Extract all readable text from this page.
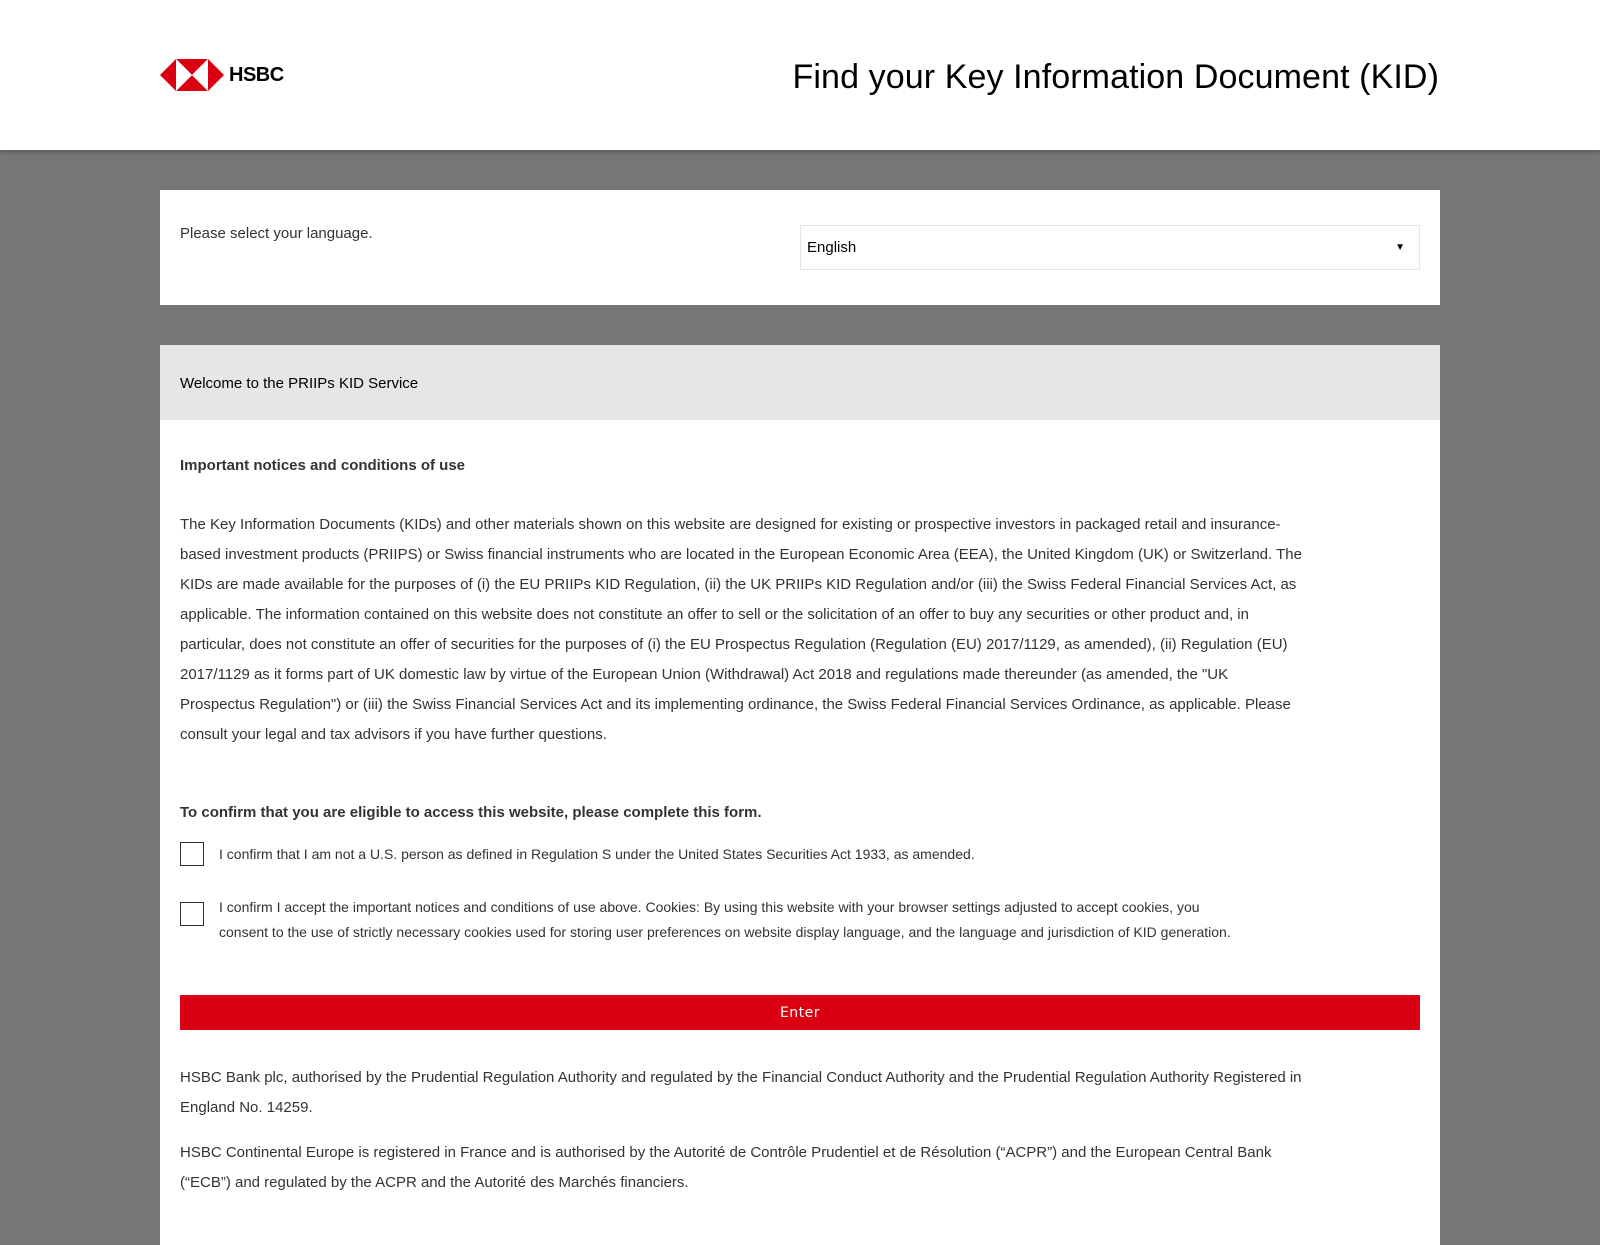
HSBC	Find your Key Information Document (KID)
Please select your language.
English	▼
Welcome to the PRIIPs KID Service
Important notices and conditions of use

The Key Information Documents (KIDs) and other materials shown on this website are designed for existing or prospective investors in packaged retail and insurance-based investment products (PRIIPS) or Swiss financial instruments who are located in the European Economic Area (EEA), the United Kingdom (UK) or Switzerland. The KIDs are made available for the purposes of (i) the EU PRIIPs KID Regulation, (ii) the UK PRIIPs KID Regulation and/or (iii) the Swiss Federal Financial Services Act, as applicable. The information contained on this website does not constitute an offer to sell or the solicitation of an offer to buy any securities or other product and, in particular, does not constitute an offer of securities for the purposes of (i) the EU Prospectus Regulation (Regulation (EU) 2017/1129, as amended), (ii) Regulation (EU) 2017/1129 as it forms part of UK domestic law by virtue of the European Union (Withdrawal) Act 2018 and regulations made thereunder (as amended, the "UK Prospectus Regulation") or (iii) the Swiss Financial Services Act and its implementing ordinance, the Swiss Federal Financial Services Ordinance, as applicable. Please consult your legal and tax advisors if you have further questions.

To confirm that you are eligible to access this website, please complete this form.
I confirm that I am not a U.S. person as defined in Regulation S under the United States Securities Act 1933, as amended.
I confirm I accept the important notices and conditions of use above. Cookies: By using this website with your browser settings adjusted to accept cookies, you consent to the use of strictly necessary cookies used for storing user preferences on website display language, and the language and jurisdiction of KID generation.
Enter

HSBC Bank plc, authorised by the Prudential Regulation Authority and regulated by the Financial Conduct Authority and the Prudential Regulation Authority Registered in England No. 14259.

HSBC Continental Europe is registered in France and is authorised by the Autorité de Contrôle Prudentiel et de Résolution (“ACPR”) and the European Central Bank (“ECB”) and regulated by the ACPR and the Autorité des Marchés financiers.
